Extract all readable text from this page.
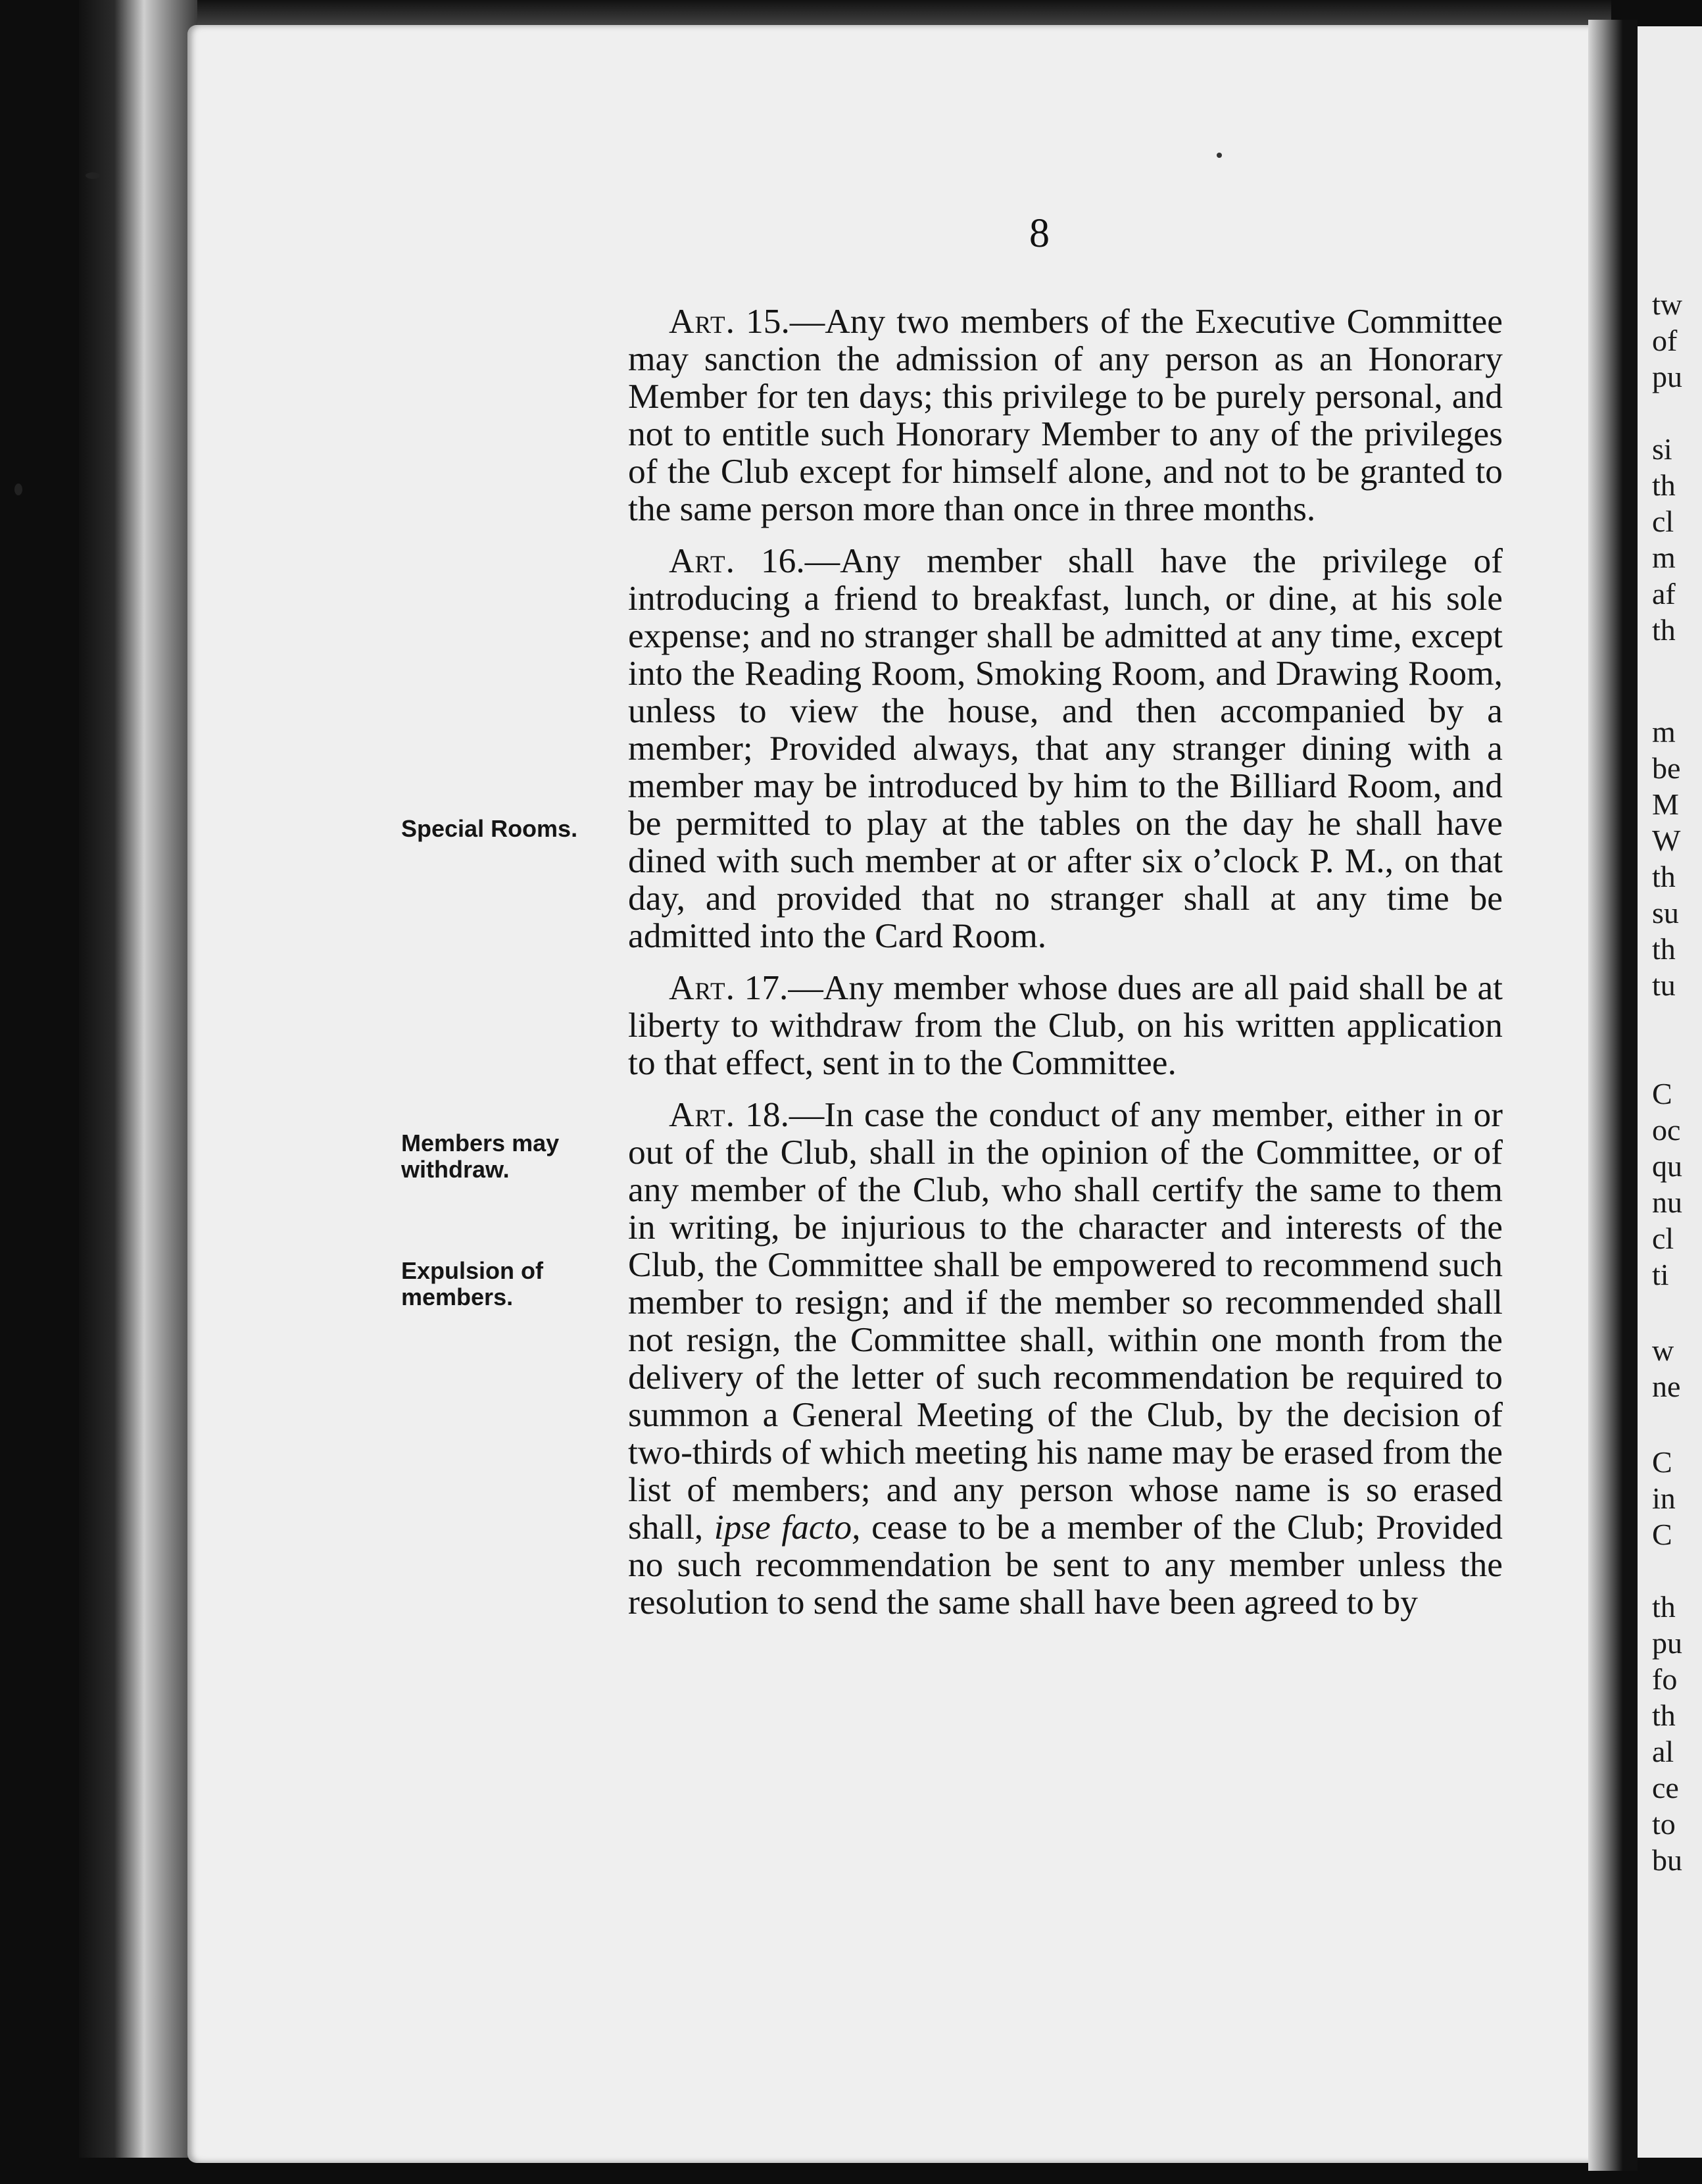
8
Special Rooms.
Members may
withdraw.
Expulsion of
members.

Art. 15.—Any two members of the Executive Committee may sanction the admission of any person as an Honorary Member for ten days; this privilege to be purely personal, and not to entitle such Honorary Member to any of the privileges of the Club except for himself alone, and not to be granted to the same person more than once in three months.

Art. 16.—Any member shall have the privilege of introducing a friend to breakfast, lunch, or dine, at his sole expense; and no stranger shall be admitted at any time, except into the Reading Room, Smoking Room, and Drawing Room, unless to view the house, and then accompanied by a member; Provided always, that any stranger dining with a member may be introduced by him to the Billiard Room, and be permitted to play at the tables on the day he shall have dined with such member at or after six o’clock P. M., on that day, and provided that no stranger shall at any time be admitted into the Card Room.

Art. 17.—Any member whose dues are all paid shall be at liberty to withdraw from the Club, on his written application to that effect, sent in to the Committee.

Art. 18.—In case the conduct of any member, either in or out of the Club, shall in the opinion of the Committee, or of any member of the Club, who shall certify the same to them in writing, be injurious to the character and interests of the Club, the Committee shall be empowered to recommend such member to resign; and if the member so recommended shall not resign, the Committee shall, within one month from the delivery of the letter of such recommendation be required to summon a General Meeting of the Club, by the decision of two-thirds of which meeting his name may be erased from the list of members; and any person whose name is so erased shall, ipse facto, cease to be a member of the Club; Provided no such recommendation be sent to any member unless the resolution to send the same shall have been agreed to by

tw
of
pu
si
th
cl
m
af
th
m
be
M
W
th
su
th
tu
C
oc
qu
nu
cl
ti
w
ne
C
in
C
th
pu
fo
th
al
ce
to
bu
